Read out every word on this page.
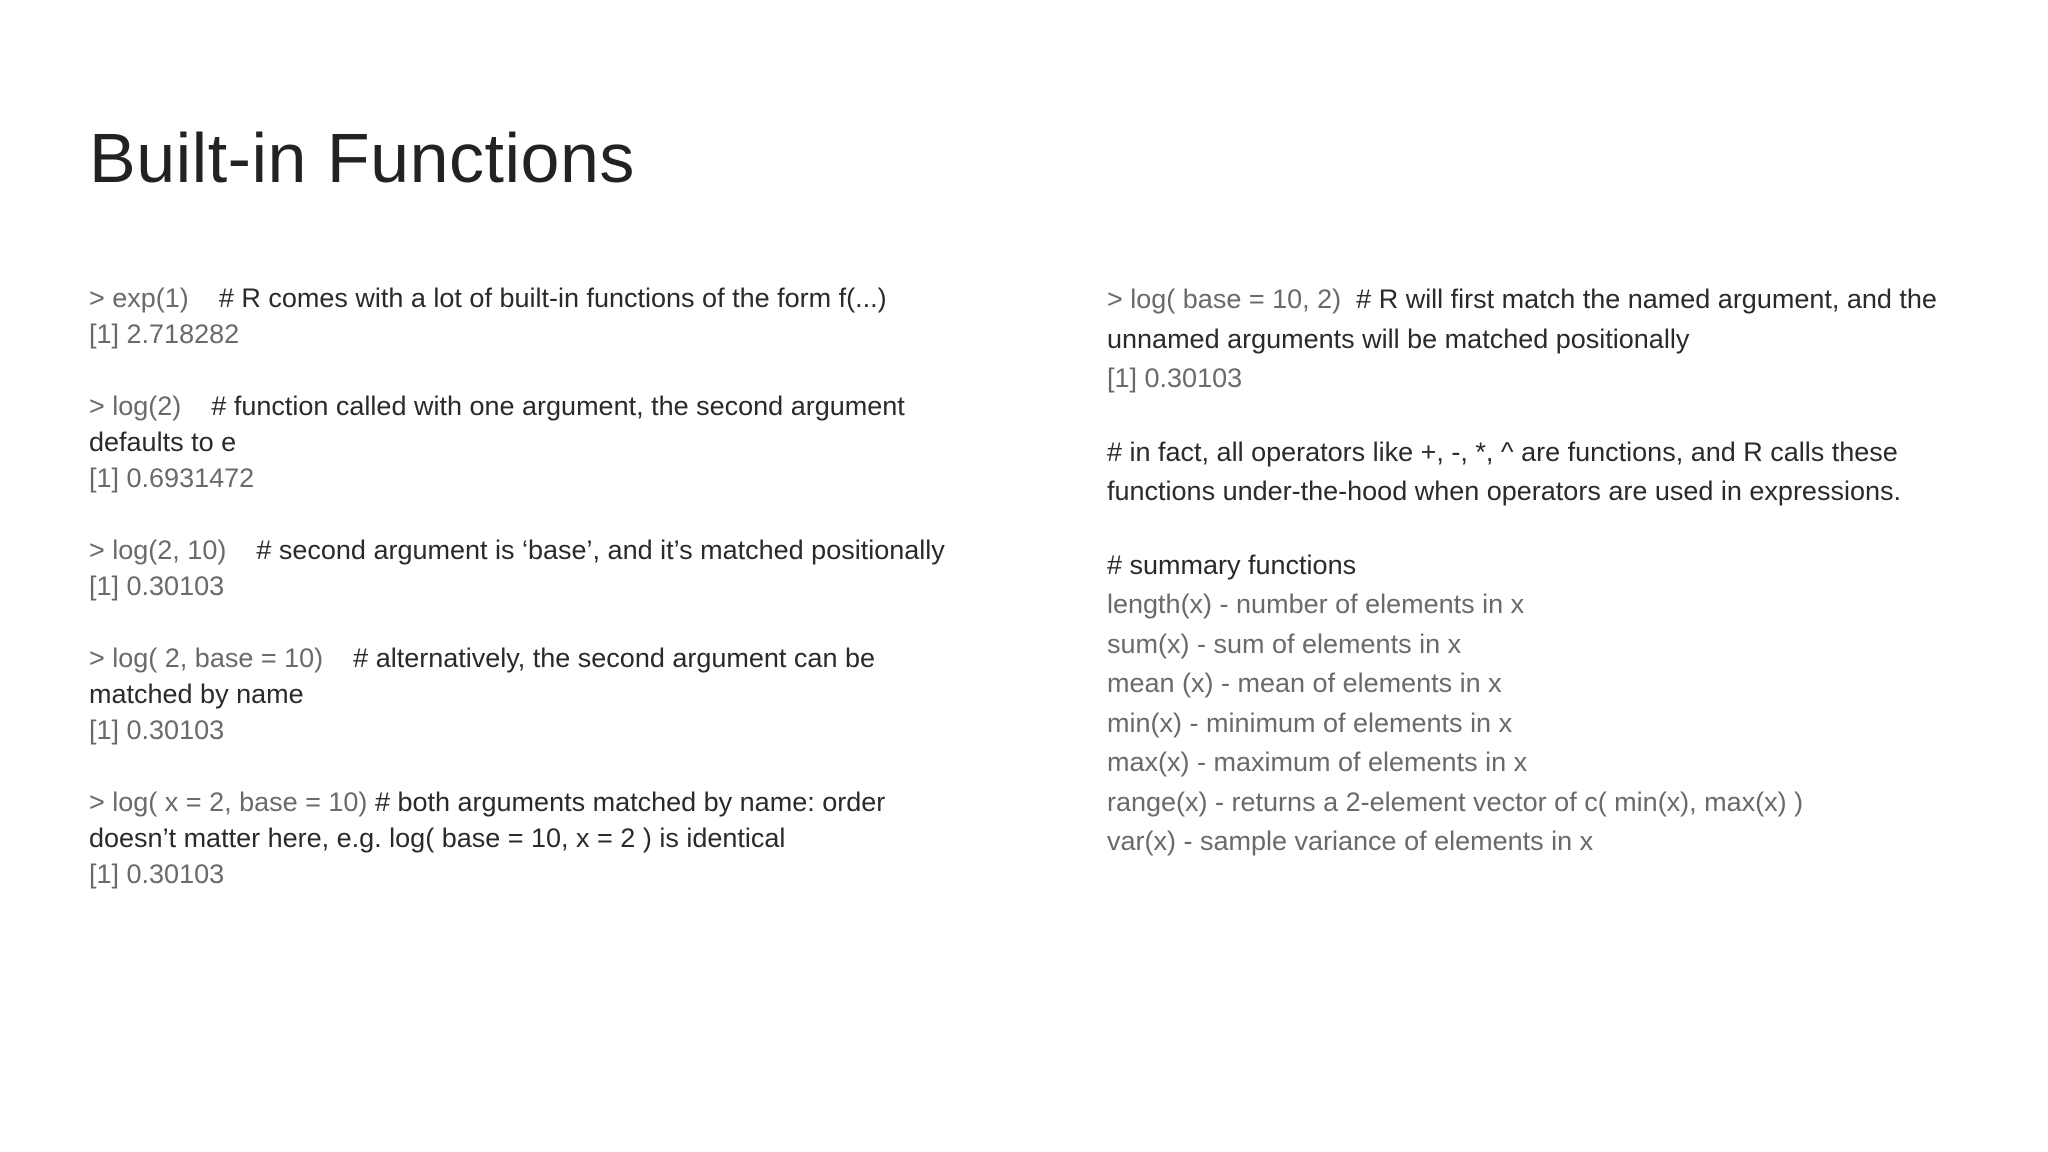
Built-in Functions

> exp(1) # R comes with a lot of built-in functions of the form f(...)
[1] 2.718282

> log(2) # function called with one argument, the second argument defaults to e
[1] 0.6931472

> log(2, 10) # second argument is ‘base’, and it’s matched positionally
[1] 0.30103

> log( 2, base = 10) # alternatively, the second argument can be matched by name
[1] 0.30103

> log( x = 2, base = 10) # both arguments matched by name: order doesn’t matter here, e.g. log( base = 10, x = 2 ) is identical
[1] 0.30103

> log( base = 10, 2) # R will first match the named argument, and the unnamed arguments will be matched positionally
[1] 0.30103

# in fact, all operators like +, -, *, ^ are functions, and R calls these functions under-the-hood when operators are used in expressions.

# summary functions
length(x) - number of elements in x
sum(x) - sum of elements in x
mean (x) - mean of elements in x
min(x) - minimum of elements in x
max(x) - maximum of elements in x
range(x) - returns a 2-element vector of c( min(x), max(x) )
var(x) - sample variance of elements in x
